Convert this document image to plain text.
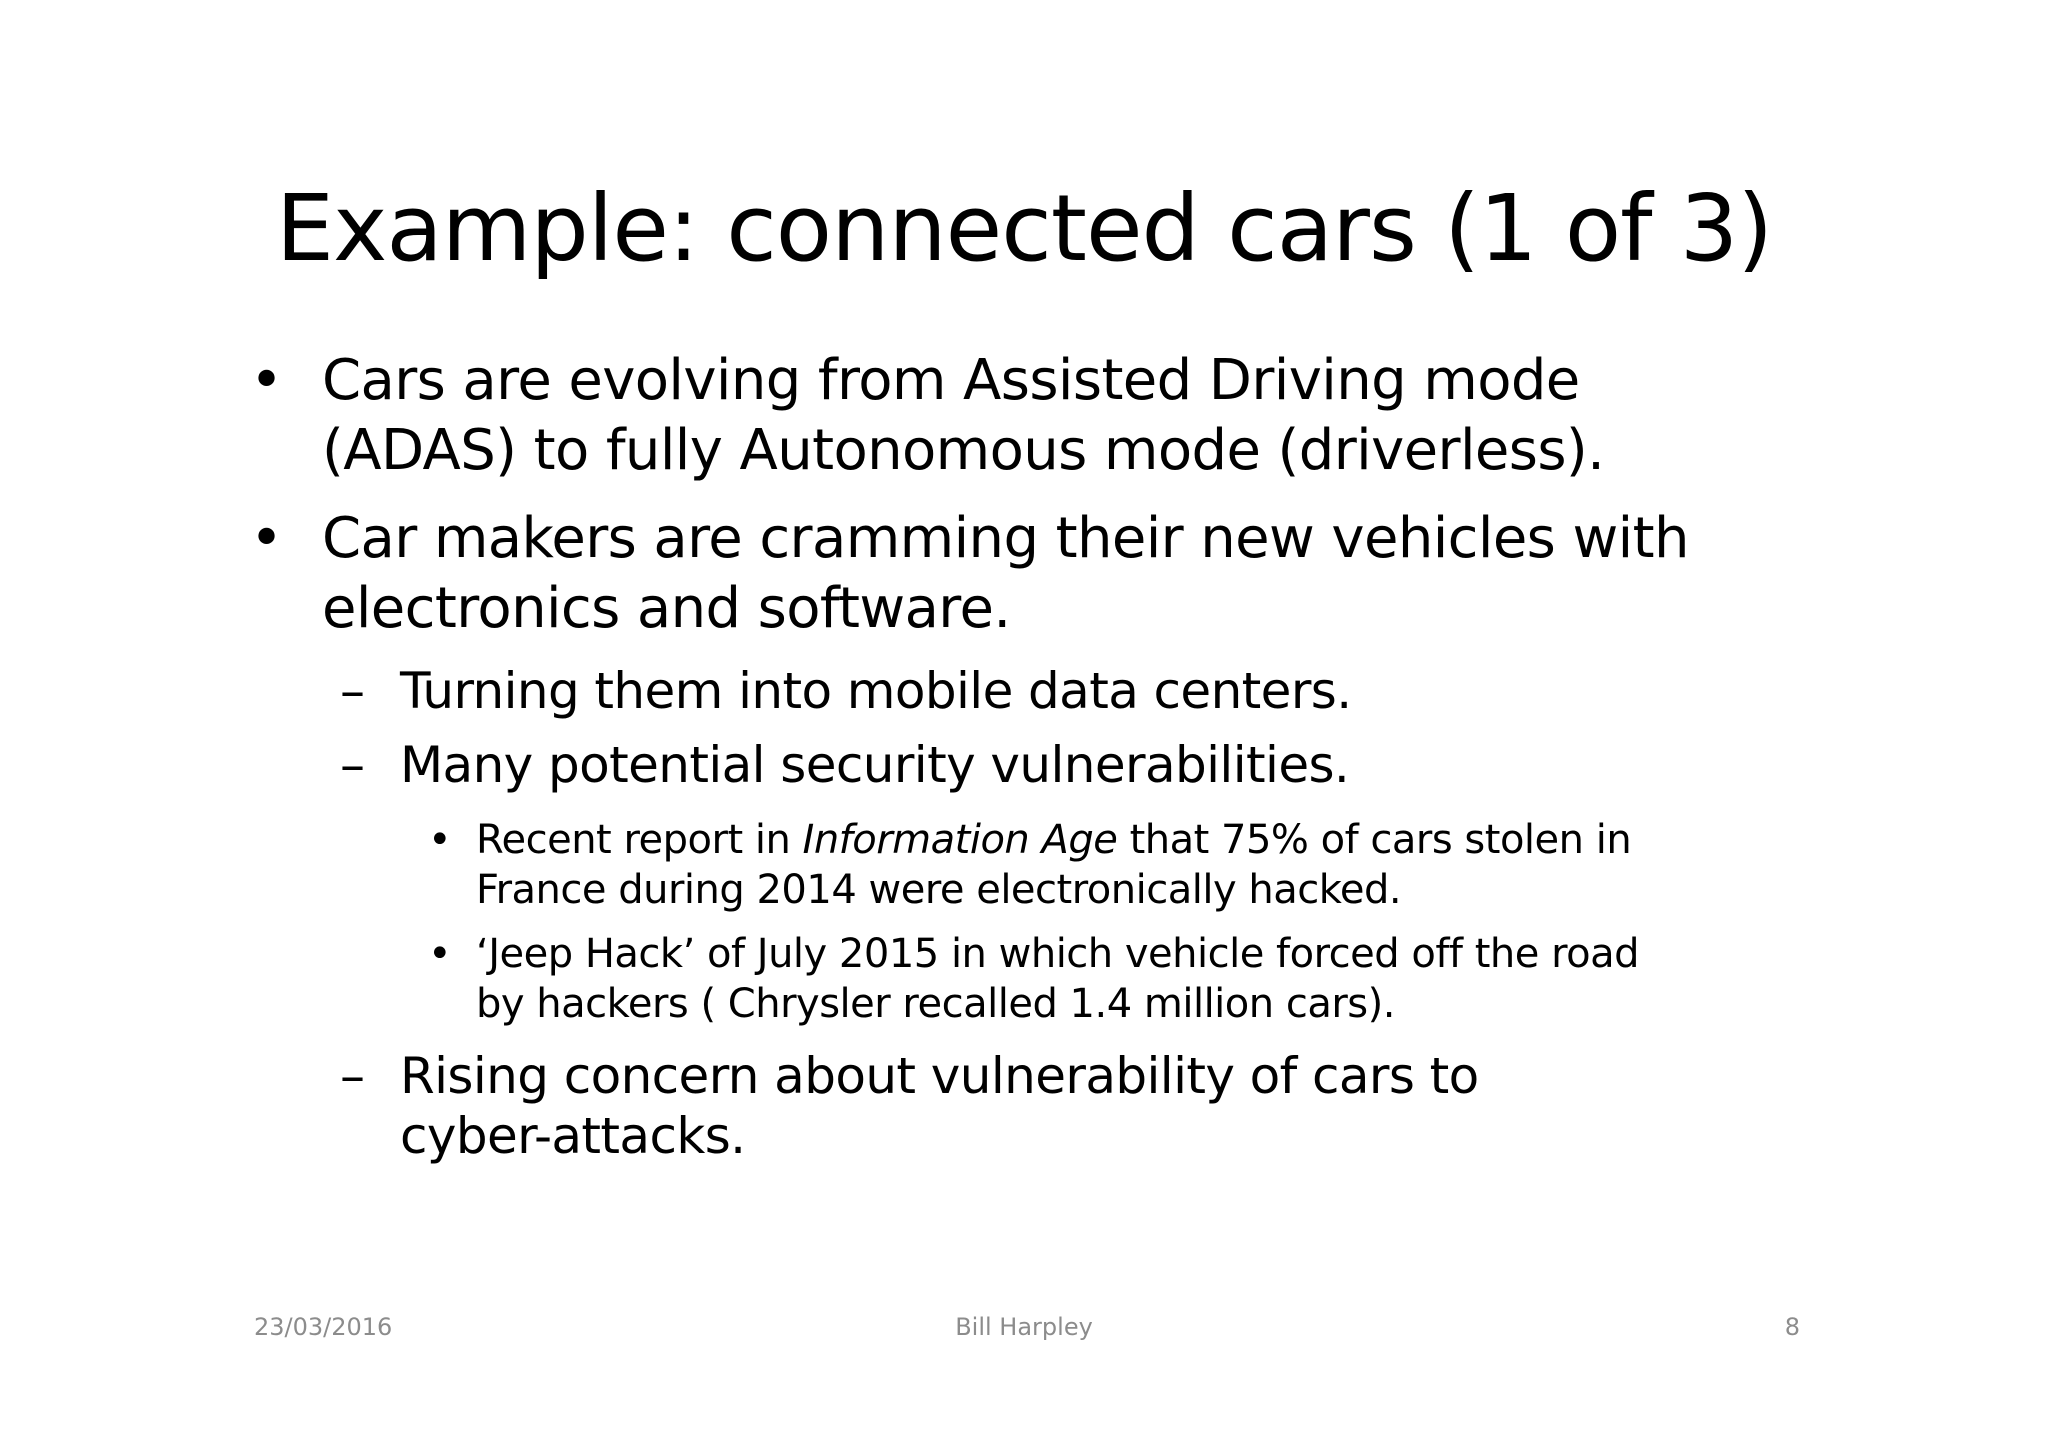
Example: connected cars (1 of 3)
• Cars are evolving from Assisted Driving mode
(ADAS) to fully Autonomous mode (driverless).
• Car makers are cramming their new vehicles with
electronics and software.
– Turning them into mobile data centers.
– Many potential security vulnerabilities.
• Recent report in Information Age that 75% of cars stolen in
France during 2014 were electronically hacked.
• ‘Jeep Hack’ of July 2015 in which vehicle forced off the road
by hackers ( Chrysler recalled 1.4 million cars).
– Rising concern about vulnerability of cars to
cyber-attacks.
23/03/2016	Bill Harpley	8
